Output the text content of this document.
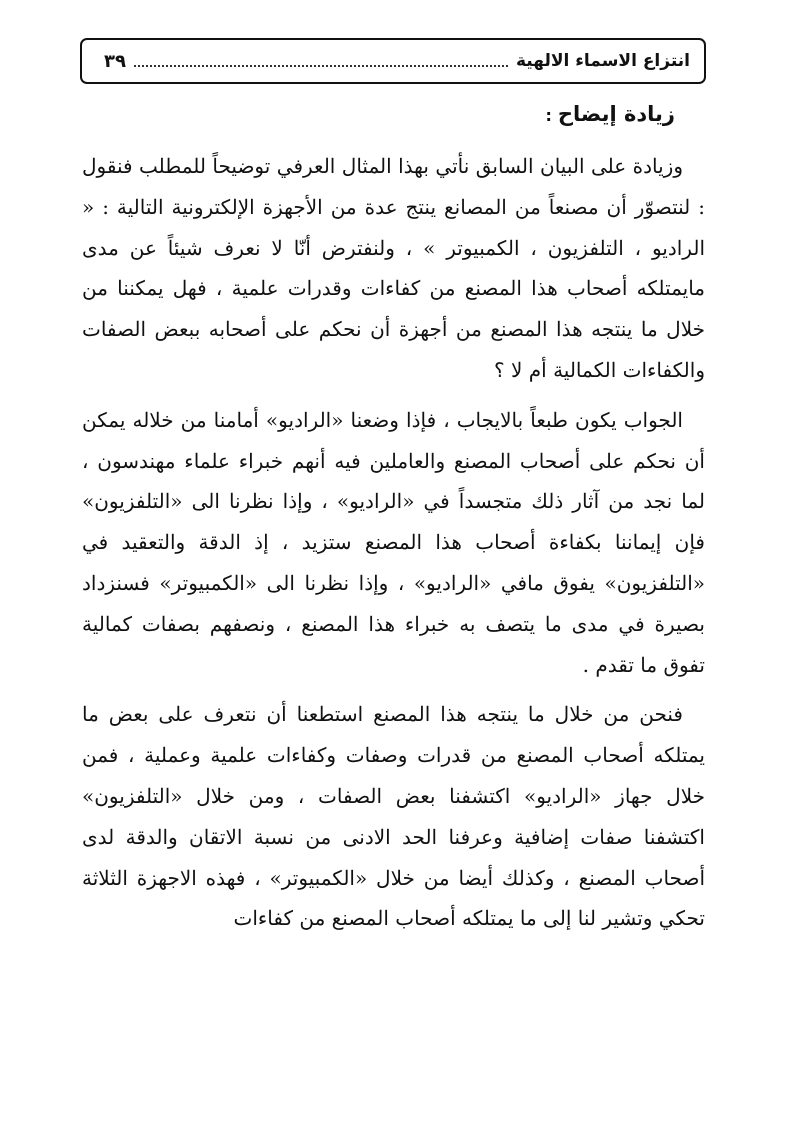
انتزاع الاسماء الالهية
٣٩
زيادة إيضاح:

وزيادة على البيان السابق نأتي بهذا المثال العرفي توضيحاً للمطلب فنقول : لنتصوّر أن مصنعاً من المصانع ينتج عدة من الأجهزة الإلكترونية التالية : « الراديو ، التلفزيون ، الكمبيوتر » ، ولنفترض أنّا لا نعرف شيئاً عن مدى مايمتلكه أصحاب هذا المصنع من كفاءات وقدرات علمية ، فهل يمكننا من خلال ما ينتجه هذا المصنع من أجهزة أن نحكم على أصحابه ببعض الصفات والكفاءات الكمالية أم لا ؟

الجواب يكون طبعاً بالايجاب ، فإذا وضعنا «الراديو» أمامنا من خلاله يمكن أن نحكم على أصحاب المصنع والعاملين فيه أنهم خبراء علماء مهندسون ، لما نجد من آثار ذلك متجسداً في «الراديو» ، وإذا نظرنا الى «التلفزيون» فإن إيماننا بكفاءة أصحاب هذا المصنع ستزيد ، إذ الدقة والتعقيد في «التلفزيون» يفوق مافي «الراديو» ، وإذا نظرنا الى «الكمبيوتر» فسنزداد بصيرة في مدى ما يتصف به خبراء هذا المصنع ، ونصفهم بصفات كمالية تفوق ما تقدم .

فنحن من خلال ما ينتجه هذا المصنع استطعنا أن نتعرف على بعض ما يمتلكه أصحاب المصنع من قدرات وصفات وكفاءات علمية وعملية ، فمن خلال جهاز «الراديو» اكتشفنا بعض الصفات ، ومن خلال «التلفزيون» اكتشفنا صفات إضافية وعرفنا الحد الادنى من نسبة الاتقان والدقة لدى أصحاب المصنع ، وكذلك أيضا من خلال «الكمبيوتر» ، فهذه الاجهزة الثلاثة تحكي وتشير لنا إلى ما يمتلكه أصحاب المصنع من كفاءات
